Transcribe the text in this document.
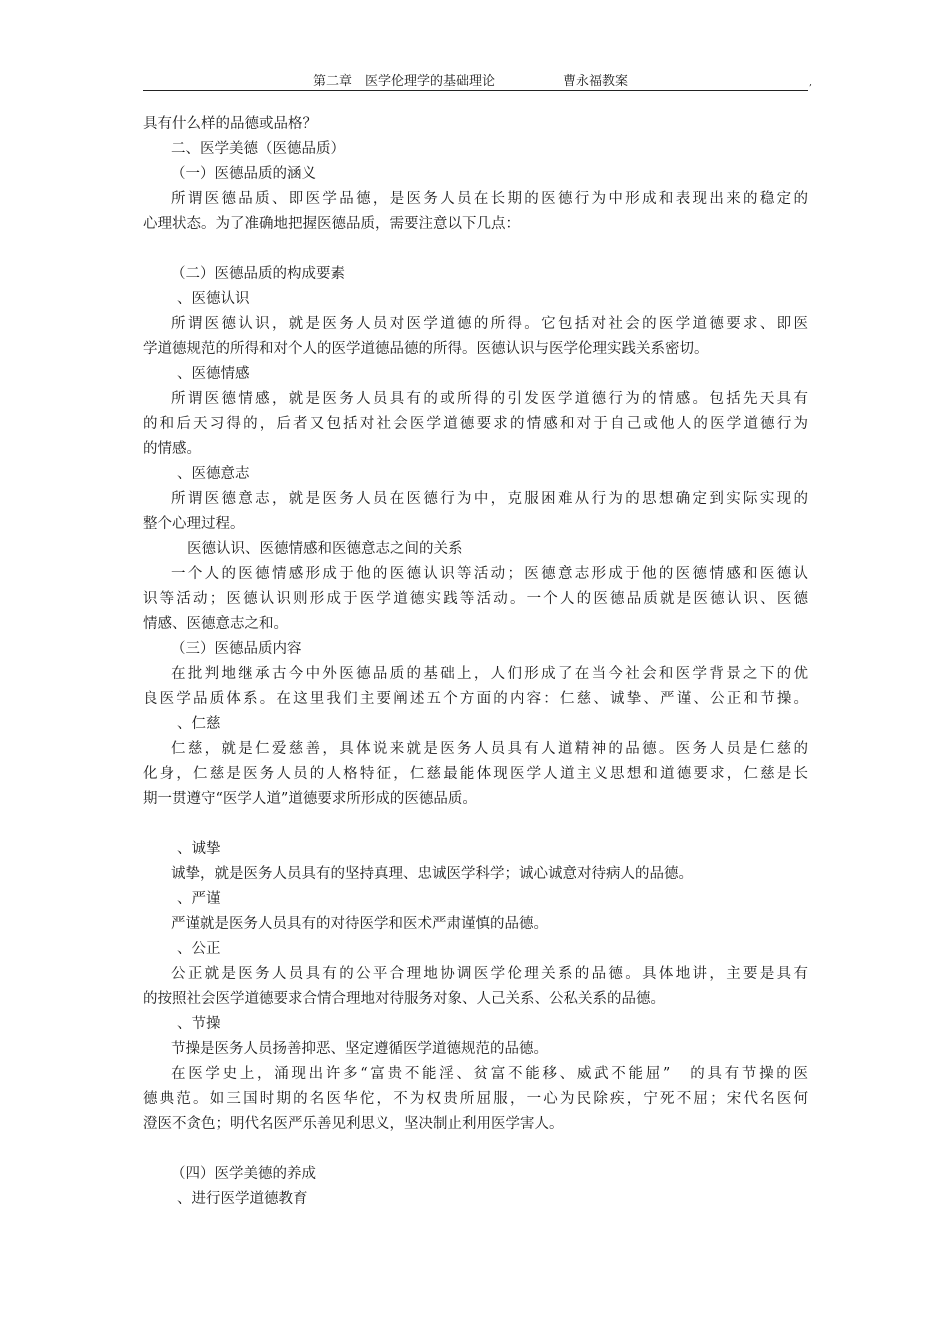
第二章　医学伦理学的基础理论	曹永福教案	,
具有什么样的品德或品格？
二、医学美德（医德品质）
（一）医德品质的涵义
所谓医德品质、即医学品德，是医务人员在长期的医德行为中形成和表现出来的稳定的
心理状态。为了准确地把握医德品质，需要注意以下几点：
（二）医德品质的构成要素
、医德认识
所谓医德认识，就是医务人员对医学道德的所得。它包括对社会的医学道德要求、即医
学道德规范的所得和对个人的医学道德品德的所得。医德认识与医学伦理实践关系密切。
、医德情感
所谓医德情感，就是医务人员具有的或所得的引发医学道德行为的情感。包括先天具有
的和后天习得的，后者又包括对社会医学道德要求的情感和对于自己或他人的医学道德行为
的情感。
、医德意志
所谓医德意志，就是医务人员在医德行为中，克服困难从行为的思想确定到实际实现的
整个心理过程。
医德认识、医德情感和医德意志之间的关系
一个人的医德情感形成于他的医德认识等活动；医德意志形成于他的医德情感和医德认
识等活动；医德认识则形成于医学道德实践等活动。一个人的医德品质就是医德认识、医德
情感、医德意志之和。
（三）医德品质内容
在批判地继承古今中外医德品质的基础上，人们形成了在当今社会和医学背景之下的优
良医学品质体系。在这里我们主要阐述五个方面的内容：仁慈、诚挚、严谨、公正和节操。
、仁慈
仁慈，就是仁爱慈善，具体说来就是医务人员具有人道精神的品德。医务人员是仁慈的
化身，仁慈是医务人员的人格特征，仁慈最能体现医学人道主义思想和道德要求，仁慈是长
期一贯遵守“医学人道”道德要求所形成的医德品质。
、诚挚
诚挚，就是医务人员具有的坚持真理、忠诚医学科学；诚心诚意对待病人的品德。
、严谨
严谨就是医务人员具有的对待医学和医术严肃谨慎的品德。
、公正
公正就是医务人员具有的公平合理地协调医学伦理关系的品德。具体地讲，主要是具有
的按照社会医学道德要求合情合理地对待服务对象、人己关系、公私关系的品德。
、节操
节操是医务人员扬善抑恶、坚定遵循医学道德规范的品德。
在医学史上，涌现出许多“富贵不能淫、贫富不能移、威武不能屈”　的具有节操的医
德典范。如三国时期的名医华佗，不为权贵所屈服，一心为民除疾，宁死不屈；宋代名医何
澄医不贪色；明代名医严乐善见利思义，坚决制止利用医学害人。
（四）医学美德的养成
、进行医学道德教育
